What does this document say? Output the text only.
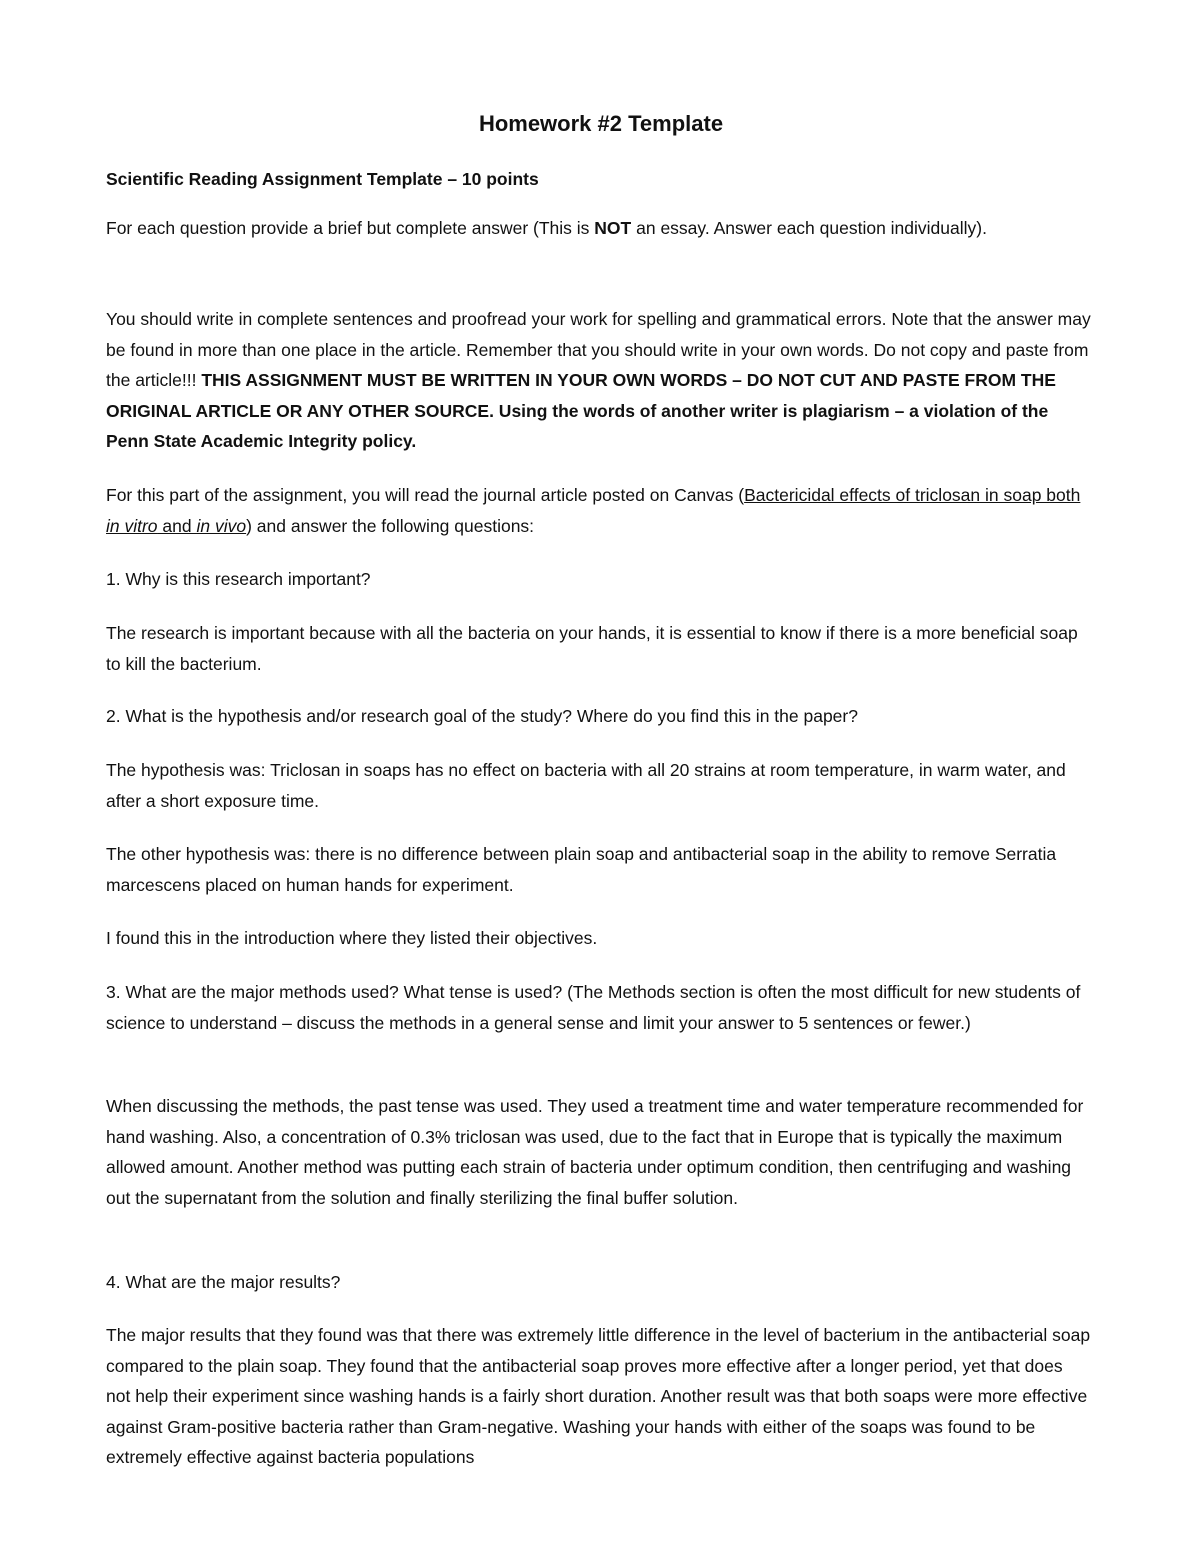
Homework #2 Template

Scientific Reading Assignment Template – 10 points

For each question provide a brief but complete answer (This is NOT an essay. Answer each question individually).

You should write in complete sentences and proofread your work for spelling and grammatical errors. Note that the answer may be found in more than one place in the article. Remember that you should write in your own words. Do not copy and paste from the article!!! THIS ASSIGNMENT MUST BE WRITTEN IN YOUR OWN WORDS – DO NOT CUT AND PASTE FROM THE ORIGINAL ARTICLE OR ANY OTHER SOURCE. Using the words of another writer is plagiarism – a violation of the Penn State Academic Integrity policy.

For this part of the assignment, you will read the journal article posted on Canvas (Bactericidal effects of triclosan in soap both in vitro and in vivo) and answer the following questions:

1. Why is this research important?

The research is important because with all the bacteria on your hands, it is essential to know if there is a more beneficial soap to kill the bacterium.

2. What is the hypothesis and/or research goal of the study? Where do you find this in the paper?

The hypothesis was: Triclosan in soaps has no effect on bacteria with all 20 strains at room temperature, in warm water, and after a short exposure time.

The other hypothesis was: there is no difference between plain soap and antibacterial soap in the ability to remove Serratia marcescens placed on human hands for experiment.

I found this in the introduction where they listed their objectives.

3. What are the major methods used? What tense is used? (The Methods section is often the most difficult for new students of science to understand – discuss the methods in a general sense and limit your answer to 5 sentences or fewer.)

When discussing the methods, the past tense was used. They used a treatment time and water temperature recommended for hand washing. Also, a concentration of 0.3% triclosan was used, due to the fact that in Europe that is typically the maximum allowed amount. Another method was putting each strain of bacteria under optimum condition, then centrifuging and washing out the supernatant from the solution and finally sterilizing the final buffer solution.

4. What are the major results?

The major results that they found was that there was extremely little difference in the level of bacterium in the antibacterial soap compared to the plain soap. They found that the antibacterial soap proves more effective after a longer period, yet that does not help their experiment since washing hands is a fairly short duration. Another result was that both soaps were more effective against Gram-positive bacteria rather than Gram-negative. Washing your hands with either of the soaps was found to be extremely effective against bacteria populations
